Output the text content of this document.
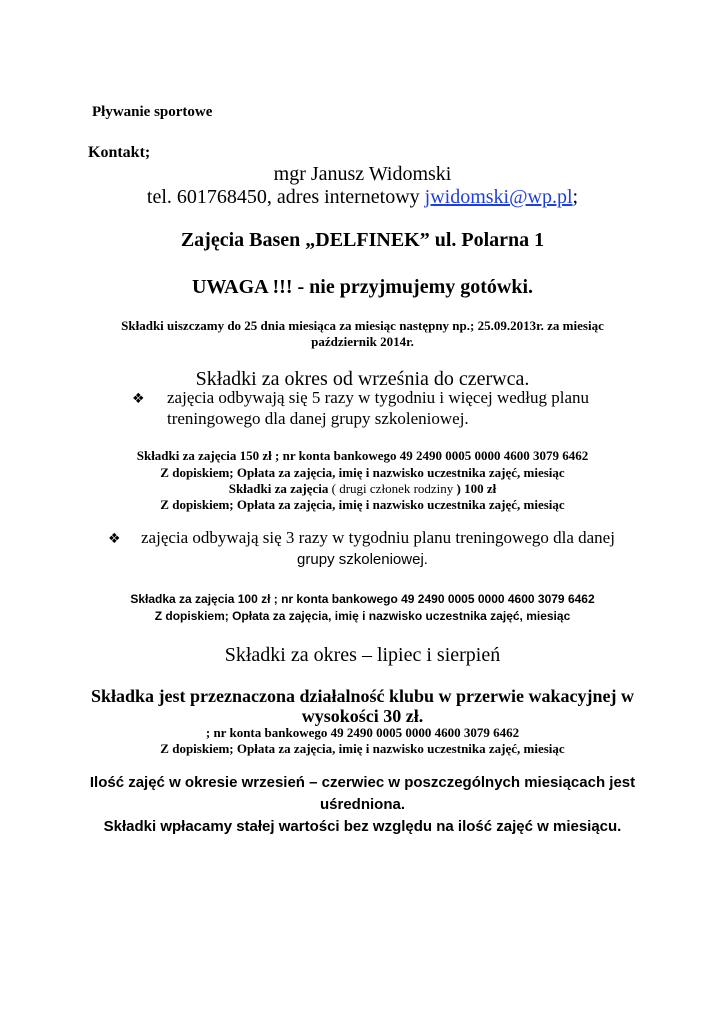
Pływanie sportowe
Kontakt;
mgr Janusz Widomski
tel. 601768450, adres internetowy jwidomski@wp.pl;
Zajęcia Basen „DELFINEK” ul. Polarna 1
UWAGA !!! - nie przyjmujemy gotówki.
Składki uiszczamy do 25 dnia miesiąca za miesiąc następny np.; 25.09.2013r. za miesiąc
październik 2014r.
Składki za okres od września do czerwca.
❖ zajęcia odbywają się 5 razy w tygodniu i więcej według planu
treningowego dla danej grupy szkoleniowej.
Składki za zajęcia 150 zł ; nr konta bankowego 49 2490 0005 0000 4600 3079 6462
Z dopiskiem; Opłata za zajęcia, imię i nazwisko uczestnika zajęć, miesiąc
Składki za zajęcia ( drugi członek rodziny ) 100 zł
Z dopiskiem; Opłata za zajęcia, imię i nazwisko uczestnika zajęć, miesiąc
❖ zajęcia odbywają się 3 razy w tygodniu planu treningowego dla danej
grupy szkoleniowej.
Składka za zajęcia 100 zł ; nr konta bankowego 49 2490 0005 0000 4600 3079 6462
Z dopiskiem; Opłata za zajęcia, imię i nazwisko uczestnika zajęć, miesiąc
Składki za okres – lipiec i sierpień
Składka jest przeznaczona działalność klubu w przerwie wakacyjnej w
wysokości 30 zł.
; nr konta bankowego 49 2490 0005 0000 4600 3079 6462
Z dopiskiem; Opłata za zajęcia, imię i nazwisko uczestnika zajęć, miesiąc
Ilość zajęć w okresie wrzesień – czerwiec w poszczególnych miesiącach jest
uśredniona.
Składki wpłacamy stałej wartości bez względu na ilość zajęć w miesiącu.
